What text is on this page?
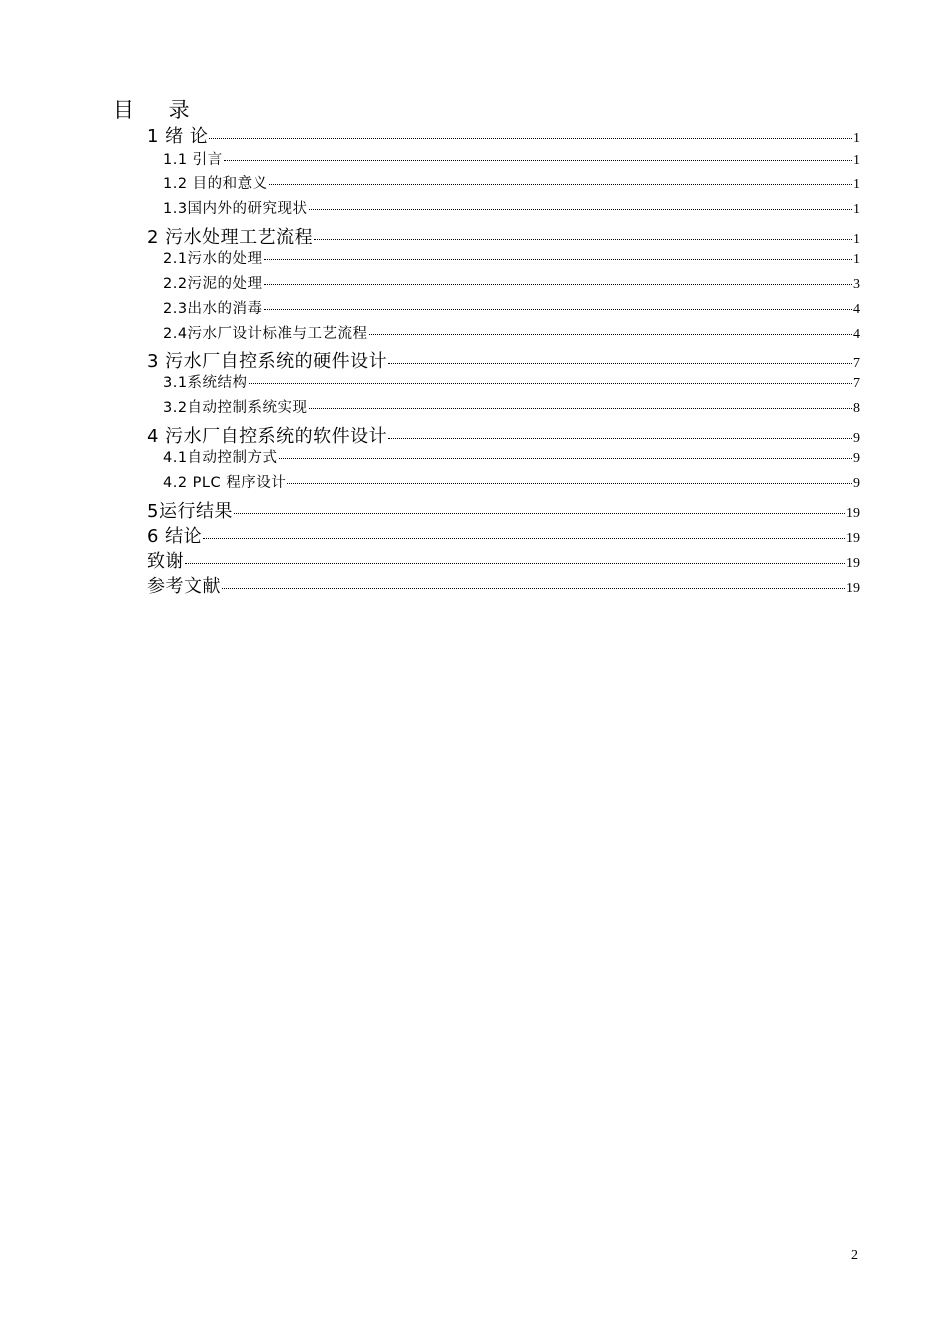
目 录
1 绪 论	1
1.1 引言	1
1.2 目的和意义	1
1.3国内外的研究现状	1
2 污水处理工艺流程	1
2.1污水的处理	1
2.2污泥的处理	3
2.3出水的消毒	4
2.4污水厂设计标准与工艺流程	4
3 污水厂自控系统的硬件设计	7
3.1系统结构	7
3.2自动控制系统实现	8
4 污水厂自控系统的软件设计	9
4.1自动控制方式	9
4.2 PLC 程序设计	9
5运行结果	19
6 结论	19
致谢	19
参考文献	19
2
